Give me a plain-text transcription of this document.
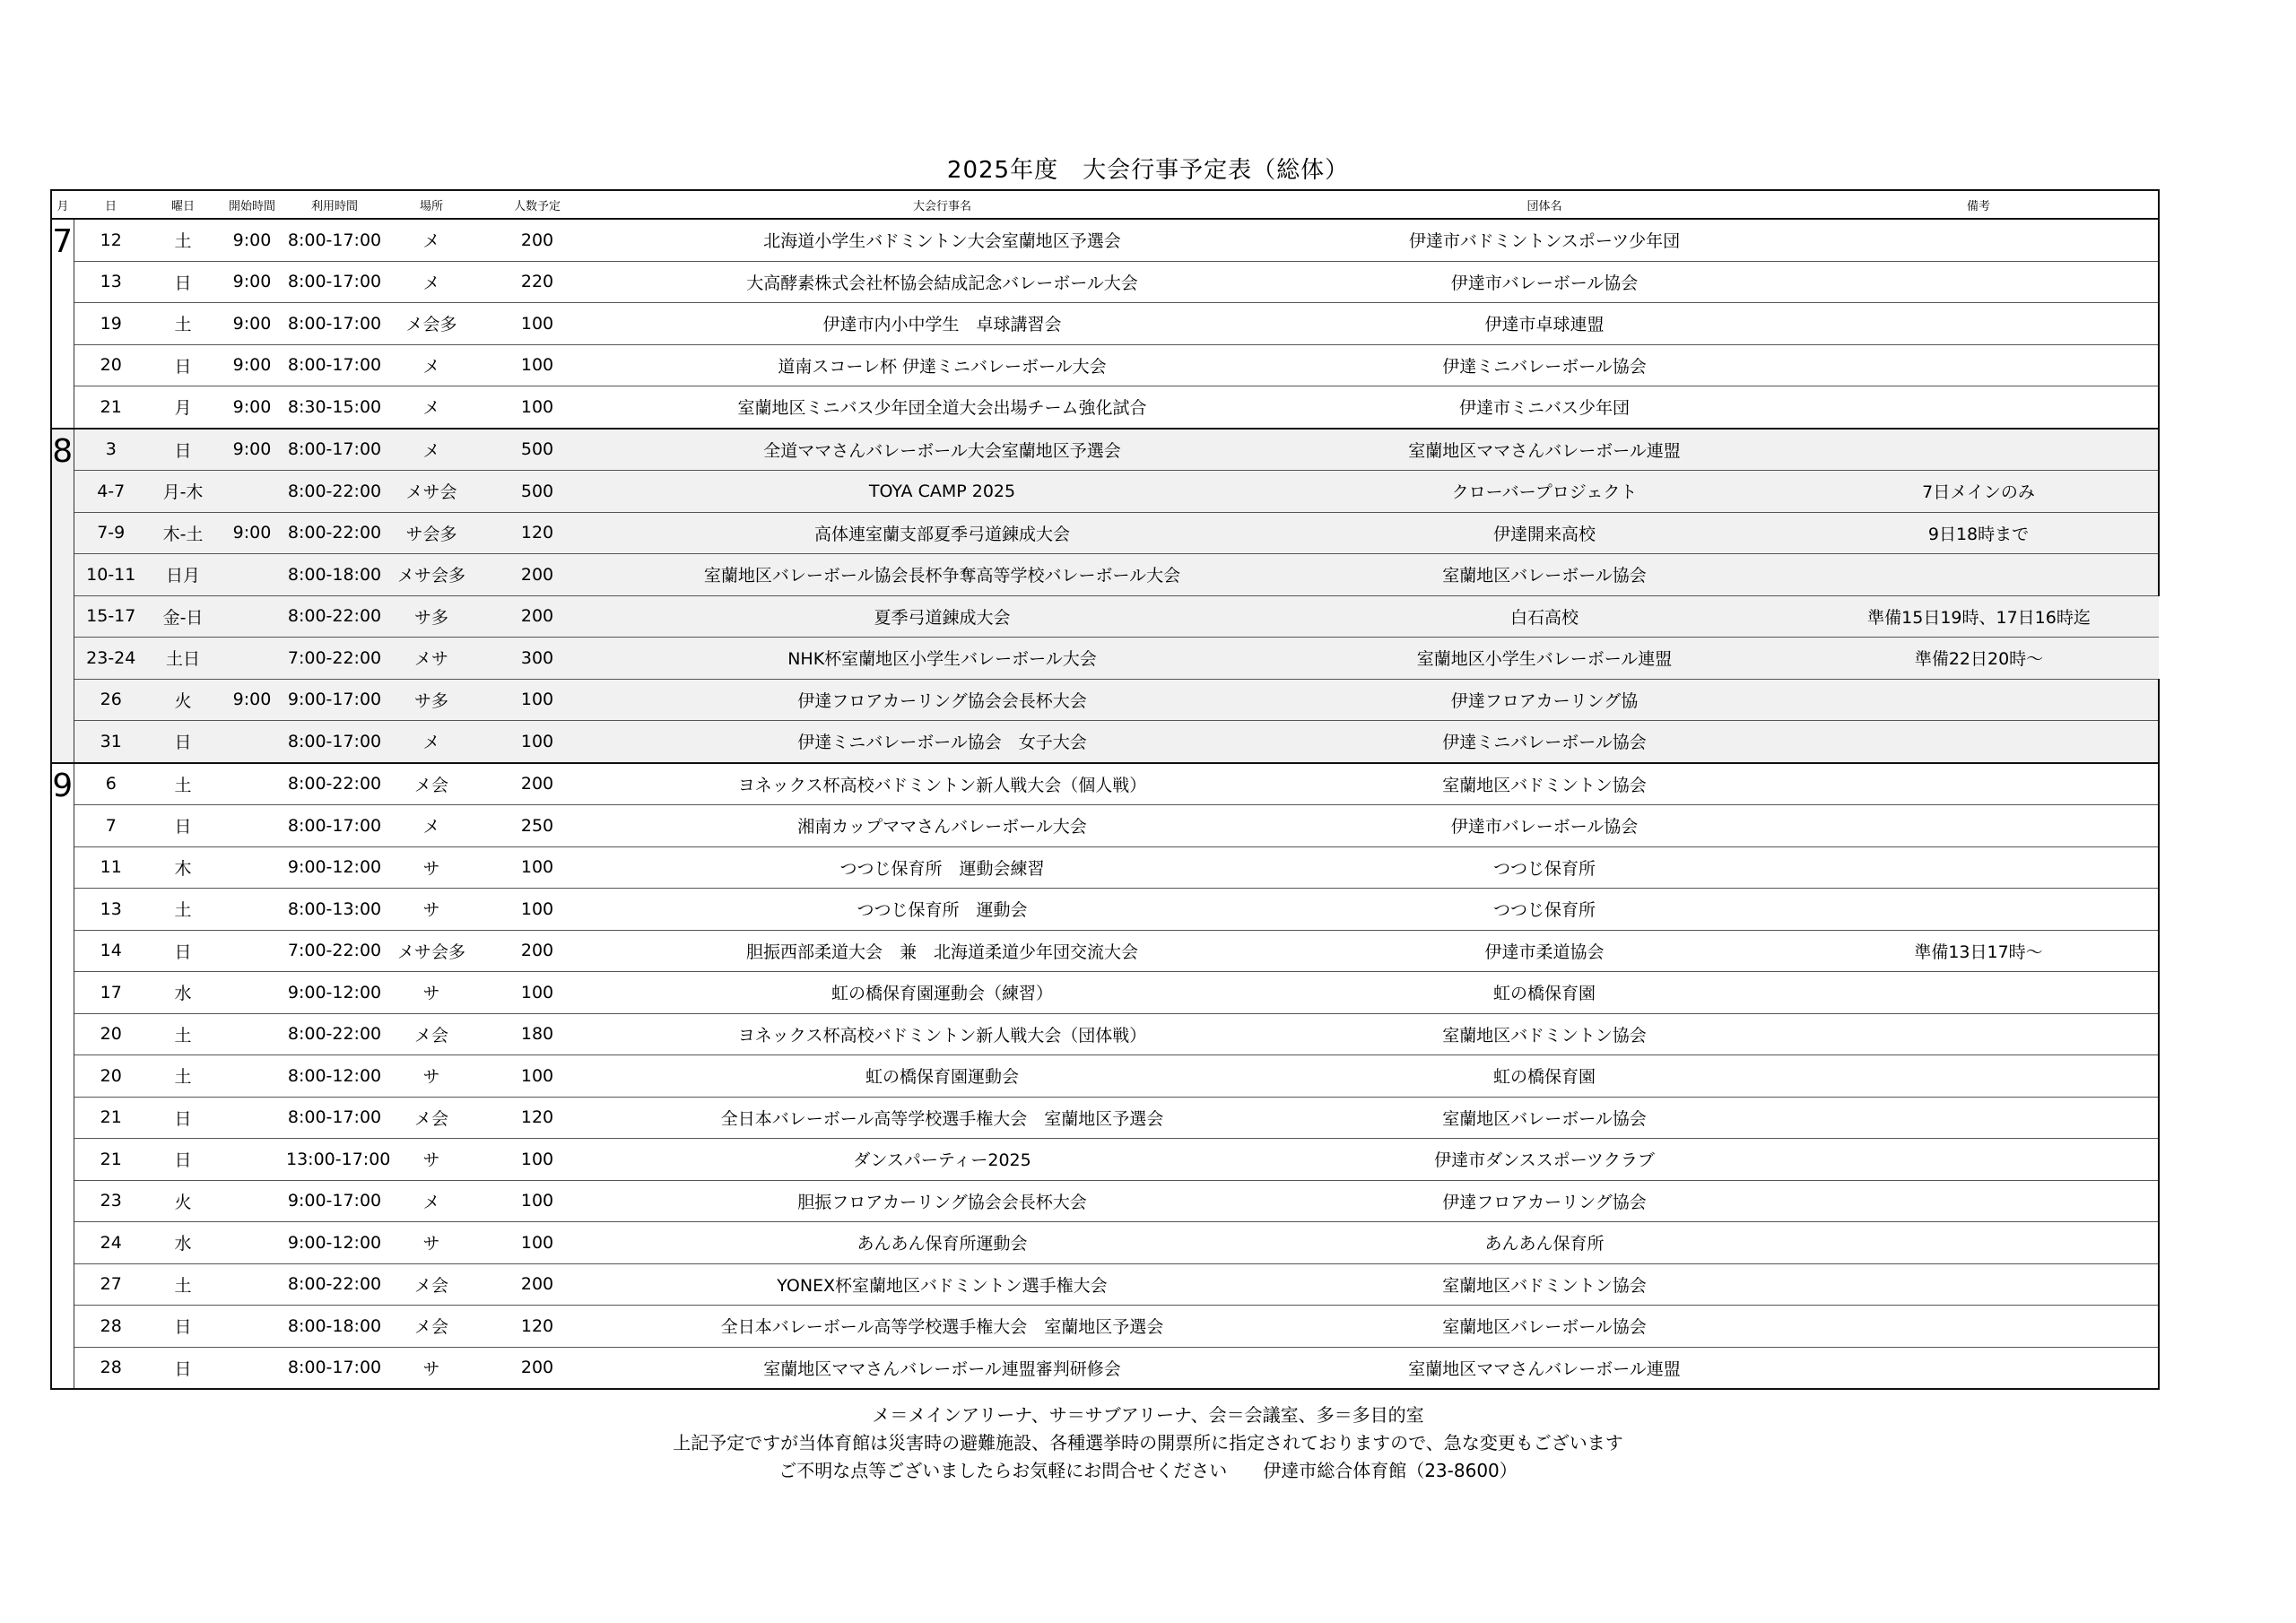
2025年度　大会行事予定表（総体）
月	日	曜日	開始時間	利用時間	場所	人数予定	大会行事名	団体名	備考
7	12	土	9:00	8:00-17:00	メ	200	北海道小学生バドミントン大会室蘭地区予選会	伊達市バドミントンスポーツ少年団	
	13	日	9:00	8:00-17:00	メ	220	大高酵素株式会社杯協会結成記念バレーボール大会	伊達市バレーボール協会	
	19	土	9:00	8:00-17:00	メ会多	100	伊達市内小中学生　卓球講習会	伊達市卓球連盟	
	20	日	9:00	8:00-17:00	メ	100	道南スコーレ杯 伊達ミニバレーボール大会	伊達ミニバレーボール協会	
	21	月	9:00	8:30-15:00	メ	100	室蘭地区ミニバス少年団全道大会出場チーム強化試合	伊達市ミニバス少年団	
8	3	日	9:00	8:00-17:00	メ	500	全道ママさんバレーボール大会室蘭地区予選会	室蘭地区ママさんバレーボール連盟	
	4-7	月-木		8:00-22:00	メサ会	500	TOYA CAMP 2025	クローバープロジェクト	7日メインのみ
	7-9	木-土	9:00	8:00-22:00	サ会多	120	高体連室蘭支部夏季弓道錬成大会	伊達開来高校	9日18時まで
	10-11	日月		8:00-18:00	メサ会多	200	室蘭地区バレーボール協会長杯争奪高等学校バレーボール大会	室蘭地区バレーボール協会	
	15-17	金-日		8:00-22:00	サ多	200	夏季弓道錬成大会	白石高校	準備15日19時、17日16時迄
	23-24	土日		7:00-22:00	メサ	300	NHK杯室蘭地区小学生バレーボール大会	室蘭地区小学生バレーボール連盟	準備22日20時～
	26	火	9:00	9:00-17:00	サ多	100	伊達フロアカーリング協会会長杯大会	伊達フロアカーリング協	
	31	日		8:00-17:00	メ	100	伊達ミニバレーボール協会　女子大会	伊達ミニバレーボール協会	
9	6	土		8:00-22:00	メ会	200	ヨネックス杯高校バドミントン新人戦大会（個人戦）	室蘭地区バドミントン協会	
	7	日		8:00-17:00	メ	250	湘南カップママさんバレーボール大会	伊達市バレーボール協会	
	11	木		9:00-12:00	サ	100	つつじ保育所　運動会練習	つつじ保育所	
	13	土		8:00-13:00	サ	100	つつじ保育所　運動会	つつじ保育所	
	14	日		7:00-22:00	メサ会多	200	胆振西部柔道大会　兼　北海道柔道少年団交流大会	伊達市柔道協会	準備13日17時～
	17	水		9:00-12:00	サ	100	虹の橋保育園運動会（練習）	虹の橋保育園	
	20	土		8:00-22:00	メ会	180	ヨネックス杯高校バドミントン新人戦大会（団体戦）	室蘭地区バドミントン協会	
	20	土		8:00-12:00	サ	100	虹の橋保育園運動会	虹の橋保育園	
	21	日		8:00-17:00	メ会	120	全日本バレーボール高等学校選手権大会　室蘭地区予選会	室蘭地区バレーボール協会	
	21	日		13:00-17:00	サ	100	ダンスパーティー2025	伊達市ダンススポーツクラブ	
	23	火		9:00-17:00	メ	100	胆振フロアカーリング協会会長杯大会	伊達フロアカーリング協会	
	24	水		9:00-12:00	サ	100	あんあん保育所運動会	あんあん保育所	
	27	土		8:00-22:00	メ会	200	YONEX杯室蘭地区バドミントン選手権大会	室蘭地区バドミントン協会	
	28	日		8:00-18:00	メ会	120	全日本バレーボール高等学校選手権大会　室蘭地区予選会	室蘭地区バレーボール協会	
	28	日		8:00-17:00	サ	200	室蘭地区ママさんバレーボール連盟審判研修会	室蘭地区ママさんバレーボール連盟	
メ＝メインアリーナ、サ＝サブアリーナ、会＝会議室、多＝多目的室
上記予定ですが当体育館は災害時の避難施設、各種選挙時の開票所に指定されておりますので、急な変更もございます
ご不明な点等ございましたらお気軽にお問合せください　　伊達市総合体育館（23-8600）
